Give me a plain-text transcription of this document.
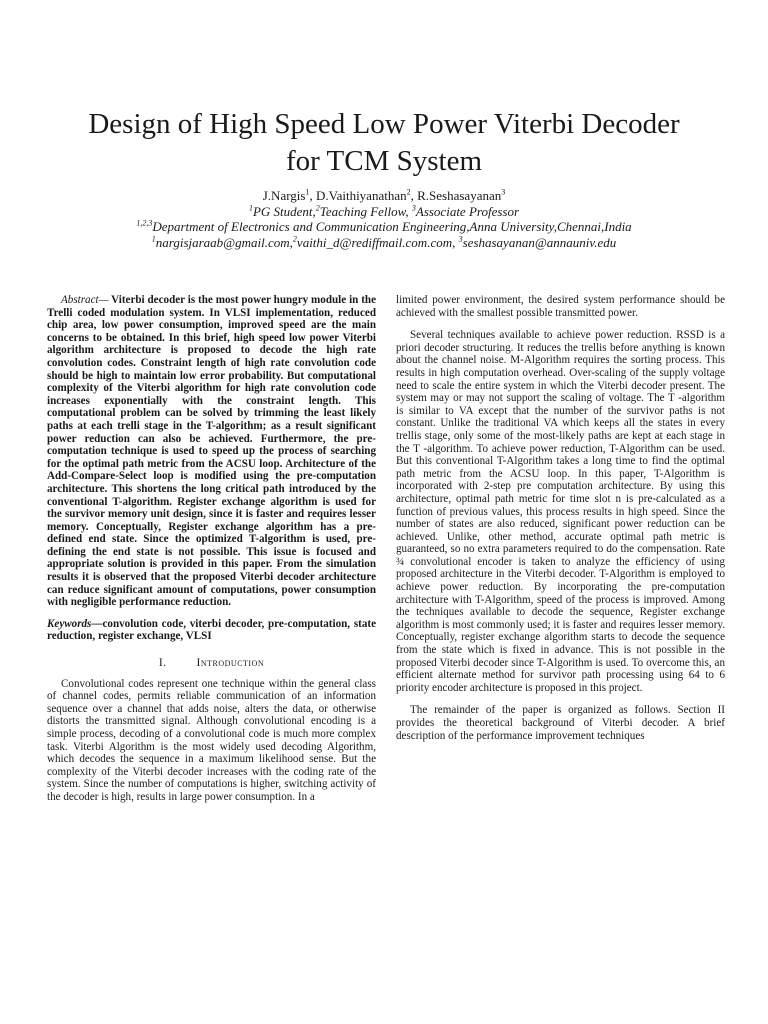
Design of High Speed Low Power Viterbi Decoder
for TCM System
J.Nargis$^1$, D.Vaithiyanathan$^2$, R.Seshasayanan$^3$
$^1$PG Student,$^2$Teaching Fellow, $^3$Associate Professor
$^{1,2,3}$Department of Electronics and Communication Engineering,Anna University,Chennai,India
$^1$nargisjaraab@gmail.com,$^2$vaithi_d@rediffmail.com.com, $^3$seshasayanan@annauniv.edu

Abstract— Viterbi decoder is the most power hungry module in the Trelli coded modulation system. In VLSI implementation, reduced chip area, low power consumption, improved speed are the main concerns to be obtained. In this brief, high speed low power Viterbi algorithm architecture is proposed to decode the high rate convolution codes. Constraint length of high rate convolution code should be high to maintain low error probability. But computational complexity of the Viterbi algorithm for high rate convolution code increases exponentially with the constraint length. This computational problem can be solved by trimming the least likely paths at each trelli stage in the T-algorithm; as a result significant power reduction can also be achieved. Furthermore, the pre-computation technique is used to speed up the process of searching for the optimal path metric from the ACSU loop. Architecture of the Add-Compare-Select loop is modified using the pre-computation architecture. This shortens the long critical path introduced by the conventional T-algorithm. Register exchange algorithm is used for the survivor memory unit design, since it is faster and requires lesser memory. Conceptually, Register exchange algorithm has a pre-defined end state. Since the optimized T-algorithm is used, pre-defining the end state is not possible. This issue is focused and appropriate solution is provided in this paper. From the simulation results it is observed that the proposed Viterbi decoder architecture can reduce significant amount of computations, power consumption with negligible performance reduction.

Keywords—convolution code, viterbi decoder, pre-computation, state reduction, register exchange, VLSI

I.	Introduction

Convolutional codes represent one technique within the general class of channel codes, permits reliable communication of an information sequence over a channel that adds noise, alters the data, or otherwise distorts the transmitted signal. Although convolutional encoding is a simple process, decoding of a convolutional code is much more complex task. Viterbi Algorithm is the most widely used decoding Algorithm, which decodes the sequence in a maximum likelihood sense. But the complexity of the Viterbi decoder increases with the coding rate of the system. Since the number of computations is higher, switching activity of the decoder is high, results in large power consumption. In a

limited power environment, the desired system performance should be achieved with the smallest possible transmitted power.

Several techniques available to achieve power reduction. RSSD is a priori decoder structuring. It reduces the trellis before anything is known about the channel noise. M-Algorithm requires the sorting process. This results in high computation overhead. Over-scaling of the supply voltage need to scale the entire system in which the Viterbi decoder present. The system may or may not support the scaling of voltage. The T -algorithm is similar to VA except that the number of the survivor paths is not constant. Unlike the traditional VA which keeps all the states in every trellis stage, only some of the most-likely paths are kept at each stage in the T -algorithm. To achieve power reduction, T-Algorithm can be used. But this conventional T-Algorithm takes a long time to find the optimal path metric from the ACSU loop. In this paper, T-Algorithm is incorporated with 2-step pre computation architecture. By using this architecture, optimal path metric for time slot n is pre-calculated as a function of previous values, this process results in high speed. Since the number of states are also reduced, significant power reduction can be achieved. Unlike, other method, accurate optimal path metric is guaranteed, so no extra parameters required to do the compensation. Rate ¾ convolutional encoder is taken to analyze the efficiency of using proposed architecture in the Viterbi decoder. T-Algorithm is employed to achieve power reduction. By incorporating the pre-computation architecture with T-Algorithm, speed of the process is improved. Among the techniques available to decode the sequence, Register exchange algorithm is most commonly used; it is faster and requires lesser memory. Conceptually, register exchange algorithm starts to decode the sequence from the state which is fixed in advance. This is not possible in the proposed Viterbi decoder since T-Algorithm is used. To overcome this, an efficient alternate method for survivor path processing using 64 to 6 priority encoder architecture is proposed in this project.

The remainder of the paper is organized as follows. Section II provides the theoretical background of Viterbi decoder. A brief description of the performance improvement techniques
